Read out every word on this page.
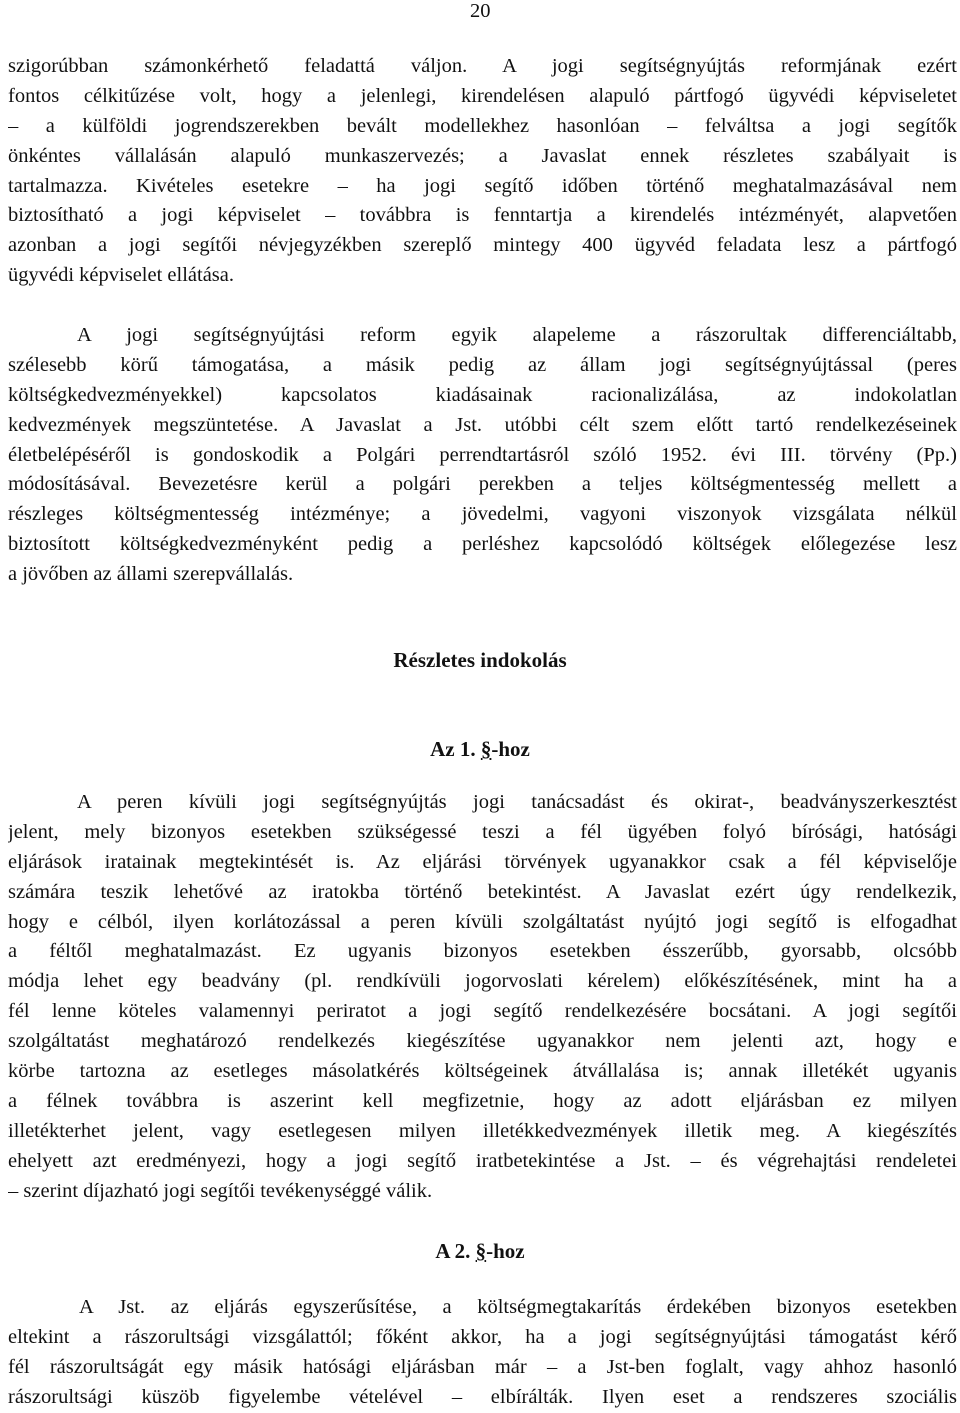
20
szigorúbban számonkérhető feladattá váljon. A jogi segítségnyújtás reformjának ezért
fontos célkitűzése volt, hogy a jelenlegi, kirendelésen alapuló pártfogó ügyvédi képviseletet
– a külföldi jogrendszerekben bevált modellekhez hasonlóan – felváltsa a jogi segítők
önkéntes vállalásán alapuló munkaszervezés; a Javaslat ennek részletes szabályait is
tartalmazza. Kivételes esetekre – ha jogi segítő időben történő meghatalmazásával nem
biztosítható a jogi képviselet – továbbra is fenntartja a kirendelés intézményét, alapvetően
azonban a jogi segítői névjegyzékben szereplő mintegy 400 ügyvéd feladata lesz a pártfogó
ügyvédi képviselet ellátása.
A jogi segítségnyújtási reform egyik alapeleme a rászorultak differenciáltabb,
szélesebb körű támogatása, a másik pedig az állam jogi segítségnyújtással (peres
költségkedvezményekkel) kapcsolatos kiadásainak racionalizálása, az indokolatlan
kedvezmények megszüntetése. A Javaslat a Jst. utóbbi célt szem előtt tartó rendelkezéseinek
életbelépéséről is gondoskodik a Polgári perrendtartásról szóló 1952. évi III. törvény (Pp.)
módosításával. Bevezetésre kerül a polgári perekben a teljes költségmentesség mellett a
részleges költségmentesség intézménye; a jövedelmi, vagyoni viszonyok vizsgálata nélkül
biztosított költségkedvezményként pedig a perléshez kapcsolódó költségek előlegezése lesz
a jövőben az állami szerepvállalás.
Részletes indokolás
Az 1. §-hoz
A peren kívüli jogi segítségnyújtás jogi tanácsadást és okirat-, beadványszerkesztést
jelent, mely bizonyos esetekben szükségessé teszi a fél ügyében folyó bírósági, hatósági
eljárások iratainak megtekintését is. Az eljárási törvények ugyanakkor csak a fél képviselője
számára teszik lehetővé az iratokba történő betekintést. A Javaslat ezért úgy rendelkezik,
hogy e célból, ilyen korlátozással a peren kívüli szolgáltatást nyújtó jogi segítő is elfogadhat
a féltől meghatalmazást. Ez ugyanis bizonyos esetekben ésszerűbb, gyorsabb, olcsóbb
módja lehet egy beadvány (pl. rendkívüli jogorvoslati kérelem) előkészítésének, mint ha a
fél lenne köteles valamennyi periratot a jogi segítő rendelkezésére bocsátani. A jogi segítői
szolgáltatást meghatározó rendelkezés kiegészítése ugyanakkor nem jelenti azt, hogy e
körbe tartozna az esetleges másolatkérés költségeinek átvállalása is; annak illetékét ugyanis
a félnek továbbra is aszerint kell megfizetnie, hogy az adott eljárásban ez milyen
illetékterhet jelent, vagy esetlegesen milyen illetékkedvezmények illetik meg. A kiegészítés
ehelyett azt eredményezi, hogy a jogi segítő iratbetekintése a Jst. – és végrehajtási rendeletei
– szerint díjazható jogi segítői tevékenységgé válik.
A 2. §-hoz
A Jst. az eljárás egyszerűsítése, a költségmegtakarítás érdekében bizonyos esetekben
eltekint a rászorultsági vizsgálattól; főként akkor, ha a jogi segítségnyújtási támogatást kérő
fél rászorultságát egy másik hatósági eljárásban már – a Jst-ben foglalt, vagy ahhoz hasonló
rászorultsági küszöb figyelembe vételével – elbírálták. Ilyen eset a rendszeres szociális
